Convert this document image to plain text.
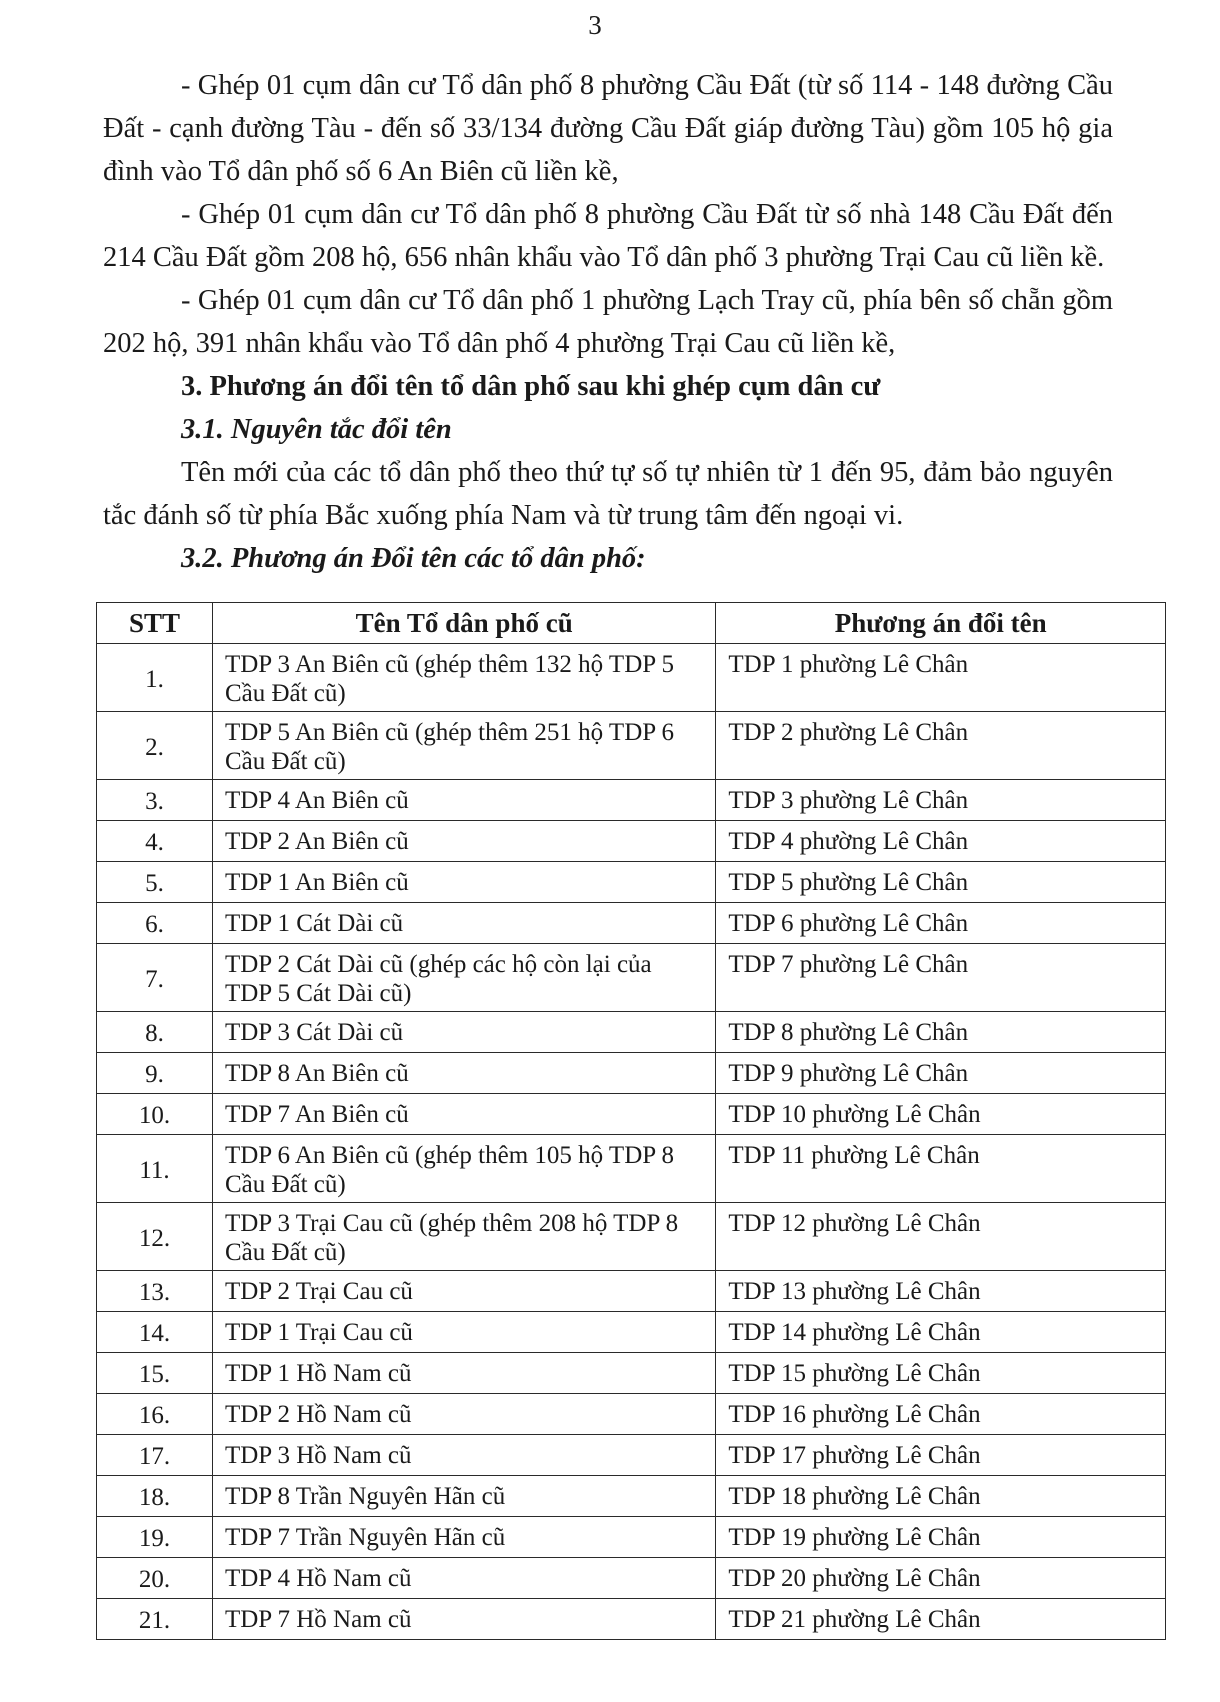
3

- Ghép 01 cụm dân cư Tổ dân phố 8 phường Cầu Đất (từ số 114 - 148 đường Cầu Đất - cạnh đường Tàu - đến số 33/134 đường Cầu Đất giáp đường Tàu) gồm 105 hộ gia đình vào Tổ dân phố số 6 An Biên cũ liền kề,

- Ghép 01 cụm dân cư Tổ dân phố 8 phường Cầu Đất từ số nhà 148 Cầu Đất đến 214 Cầu Đất gồm 208 hộ, 656 nhân khẩu vào Tổ dân phố 3 phường Trại Cau cũ liền kề.

- Ghép 01 cụm dân cư Tổ dân phố 1 phường Lạch Tray cũ, phía bên số chẵn gồm 202 hộ, 391 nhân khẩu vào Tổ dân phố 4 phường Trại Cau cũ liền kề,

3. Phương án đổi tên tổ dân phố sau khi ghép cụm dân cư

3.1. Nguyên tắc đổi tên

Tên mới của các tổ dân phố theo thứ tự số tự nhiên từ 1 đến 95, đảm bảo nguyên tắc đánh số từ phía Bắc xuống phía Nam và từ trung tâm đến ngoại vi.

3.2. Phương án Đổi tên các tổ dân phố:

STT	Tên Tổ dân phố cũ	Phương án đổi tên
1.	TDP 3 An Biên cũ (ghép thêm 132 hộ TDP 5 Cầu Đất cũ)	TDP 1 phường Lê Chân
2.	TDP 5 An Biên cũ (ghép thêm 251 hộ TDP 6 Cầu Đất cũ)	TDP 2 phường Lê Chân
3.	TDP 4 An Biên cũ	TDP 3 phường Lê Chân
4.	TDP 2 An Biên cũ	TDP 4 phường Lê Chân
5.	TDP 1 An Biên cũ	TDP 5 phường Lê Chân
6.	TDP 1 Cát Dài cũ	TDP 6 phường Lê Chân
7.	TDP 2 Cát Dài cũ (ghép các hộ còn lại của TDP 5 Cát Dài cũ)	TDP 7 phường Lê Chân
8.	TDP 3 Cát Dài cũ	TDP 8 phường Lê Chân
9.	TDP 8 An Biên cũ	TDP 9 phường Lê Chân
10.	TDP 7 An Biên cũ	TDP 10 phường Lê Chân
11.	TDP 6 An Biên cũ (ghép thêm 105 hộ TDP 8 Cầu Đất cũ)	TDP 11 phường Lê Chân
12.	TDP 3 Trại Cau cũ (ghép thêm 208 hộ TDP 8 Cầu Đất cũ)	TDP 12 phường Lê Chân
13.	TDP 2 Trại Cau cũ	TDP 13 phường Lê Chân
14.	TDP 1 Trại Cau cũ	TDP 14 phường Lê Chân
15.	TDP 1 Hồ Nam cũ	TDP 15 phường Lê Chân
16.	TDP 2 Hồ Nam cũ	TDP 16 phường Lê Chân
17.	TDP 3 Hồ Nam cũ	TDP 17 phường Lê Chân
18.	TDP 8 Trần Nguyên Hãn cũ	TDP 18 phường Lê Chân
19.	TDP 7 Trần Nguyên Hãn cũ	TDP 19 phường Lê Chân
20.	TDP 4 Hồ Nam cũ	TDP 20 phường Lê Chân
21.	TDP 7 Hồ Nam cũ	TDP 21 phường Lê Chân
